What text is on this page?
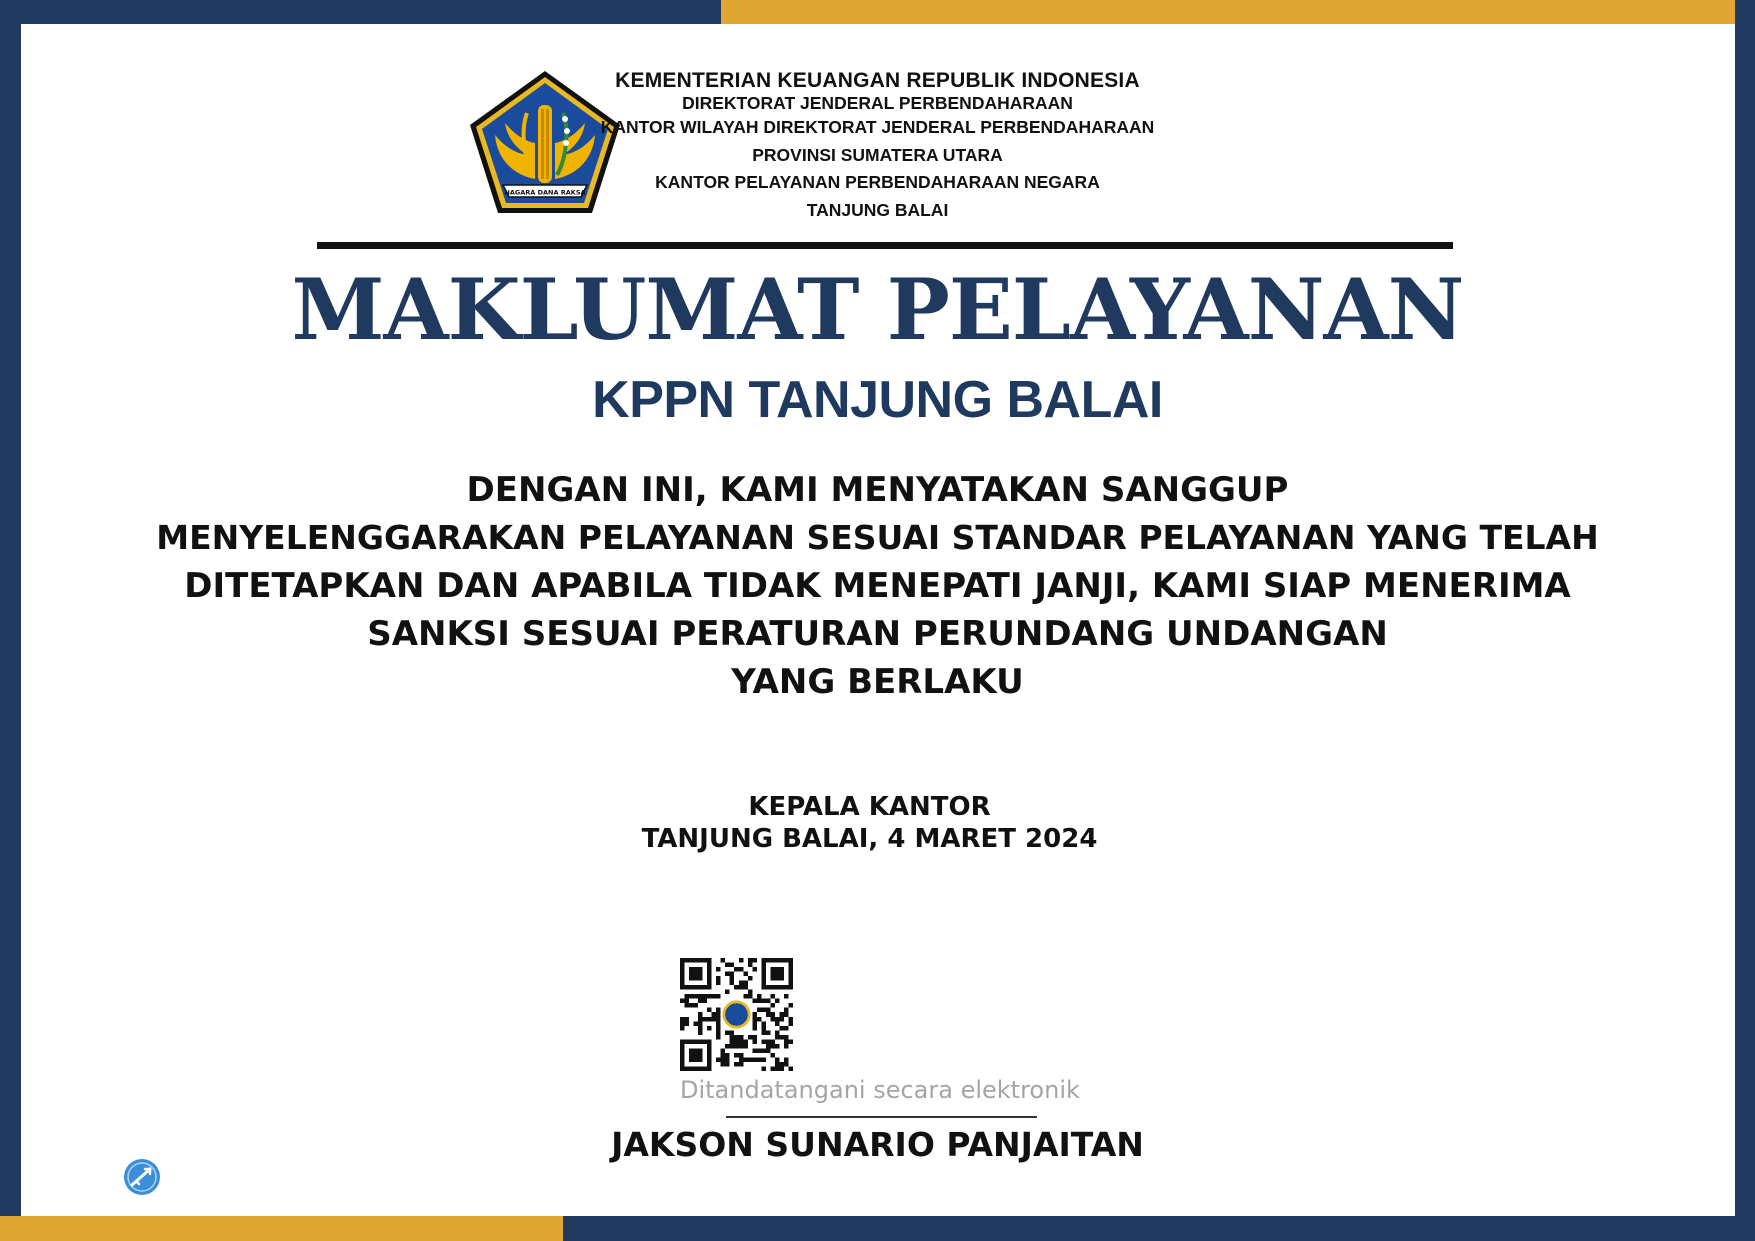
NAGARA DANA RAKSA
KEMENTERIAN KEUANGAN REPUBLIK INDONESIA
DIREKTORAT JENDERAL PERBENDAHARAAN
KANTOR WILAYAH DIREKTORAT JENDERAL PERBENDAHARAAN
PROVINSI SUMATERA UTARA
KANTOR PELAYANAN PERBENDAHARAAN NEGARA
TANJUNG BALAI
MAKLUMAT PELAYANAN
KPPN TANJUNG BALAI
DENGAN INI, KAMI MENYATAKAN SANGGUP
MENYELENGGARAKAN PELAYANAN SESUAI STANDAR PELAYANAN YANG TELAH
DITETAPKAN DAN APABILA TIDAK MENEPATI JANJI, KAMI SIAP MENERIMA
SANKSI SESUAI PERATURAN PERUNDANG UNDANGAN
YANG BERLAKU
KEPALA KANTOR
TANJUNG BALAI, 4 MARET 2024
Ditandatangani secara elektronik
JAKSON SUNARIO PANJAITAN
